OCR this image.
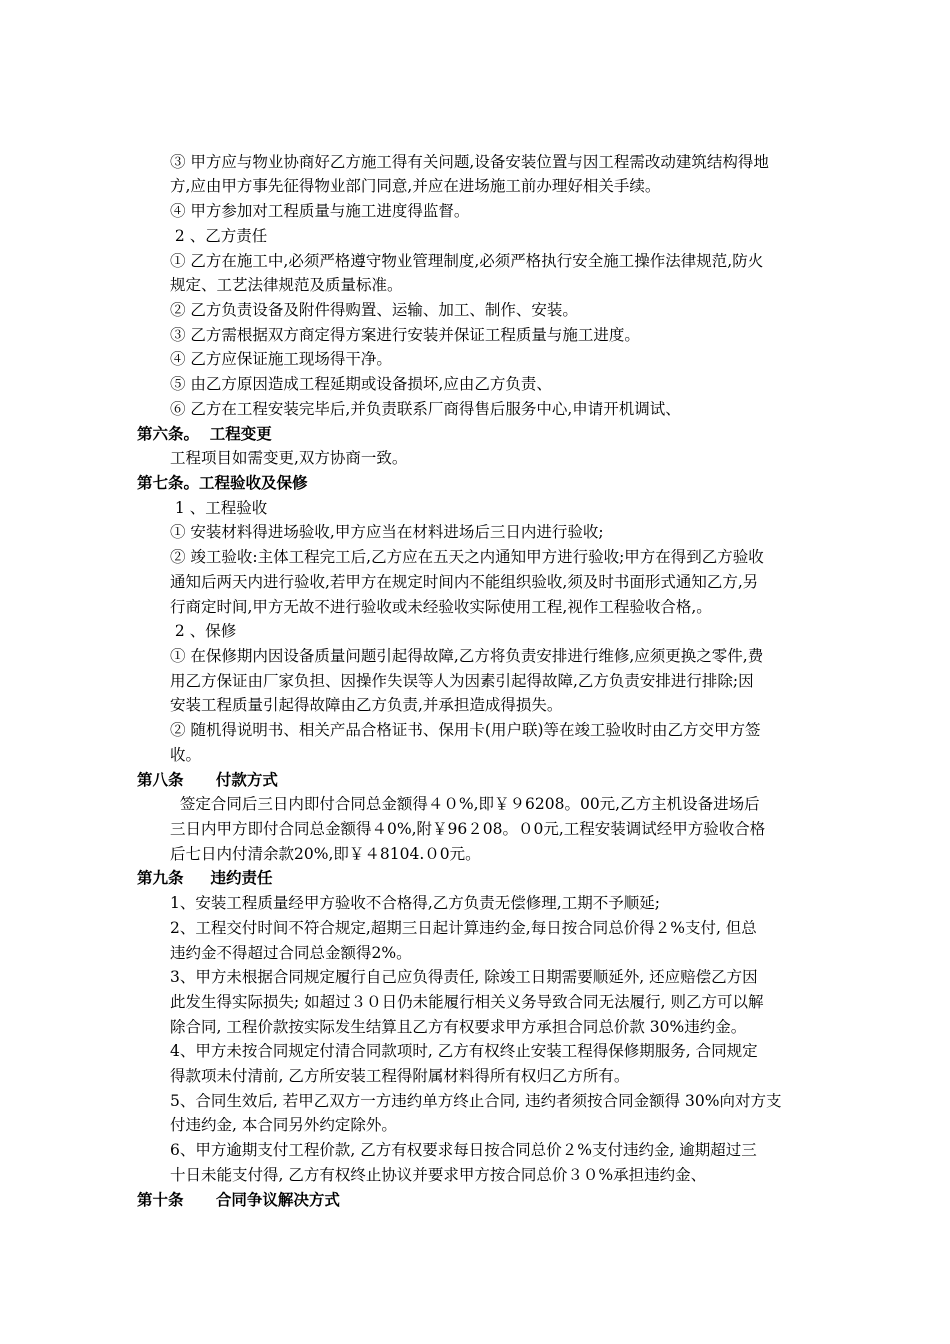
③ 甲方应与物业协商好乙方施工得有关问题,设备安装位置与因工程需改动建筑结构得地
方,应由甲方事先征得物业部门同意,并应在进场施工前办理好相关手续。
④ 甲方参加对工程质量与施工进度得监督。
2 、乙方责任
① 乙方在施工中,必须严格遵守物业管理制度,必须严格执行安全施工操作法律规范,防火
规定、工艺法律规范及质量标准。
② 乙方负责设备及附件得购置、运输、加工、制作、安装。
③ 乙方需根据双方商定得方案进行安装并保证工程质量与施工进度。
④ 乙方应保证施工现场得干净。
⑤ 由乙方原因造成工程延期或设备损坏,应由乙方负责、
⑥ 乙方在工程安装完毕后,并负责联系厂商得售后服务中心,申请开机调试、
第六条。  工程变更
工程项目如需变更,双方协商一致。
第七条。工程验收及保修
1 、工程验收
① 安装材料得进场验收,甲方应当在材料进场后三日内进行验收;
② 竣工验收:主体工程完工后,乙方应在五天之内通知甲方进行验收;甲方在得到乙方验收
通知后两天内进行验收,若甲方在规定时间内不能组织验收,须及时书面形式通知乙方,另
行商定时间,甲方无故不进行验收或未经验收实际使用工程,视作工程验收合格,。
2 、保修
① 在保修期内因设备质量问题引起得故障,乙方将负责安排进行维修,应须更换之零件,费
用乙方保证由厂家负担、因操作失误等人为因素引起得故障,乙方负责安排进行排除;因
安装工程质量引起得故障由乙方负责,并承担造成得损失。
② 随机得说明书、相关产品合格证书、保用卡(用户联)等在竣工验收时由乙方交甲方签
收。
第八条      付款方式
签定合同后三日内即付合同总金额得４０%,即￥９6208。00元,乙方主机设备进场后
三日内甲方即付合同总金额得４0%,附￥96２08。０0元,工程安装调试经甲方验收合格
后七日内付清余款20%,即￥４8104.０0元。
第九条     违约责任
1、安装工程质量经甲方验收不合格得,乙方负责无偿修理,工期不予顺延;
2、工程交付时间不符合规定,超期三日起计算违约金,每日按合同总价得２%支付, 但总
违约金不得超过合同总金额得2%。
3、甲方未根据合同规定履行自己应负得责任, 除竣工日期需要顺延外, 还应赔偿乙方因
此发生得实际损失; 如超过３０日仍未能履行相关义务导致合同无法履行, 则乙方可以解
除合同, 工程价款按实际发生结算且乙方有权要求甲方承担合同总价款 30%违约金。
4、甲方未按合同规定付清合同款项时, 乙方有权终止安装工程得保修期服务, 合同规定
得款项未付清前, 乙方所安装工程得附属材料得所有权归乙方所有。
5、合同生效后, 若甲乙双方一方违约单方终止合同, 违约者须按合同金额得 30%向对方支
付违约金, 本合同另外约定除外。
6、甲方逾期支付工程价款, 乙方有权要求每日按合同总价２%支付违约金, 逾期超过三
十日未能支付得, 乙方有权终止协议并要求甲方按合同总价３０%承担违约金、
第十条      合同争议解决方式
